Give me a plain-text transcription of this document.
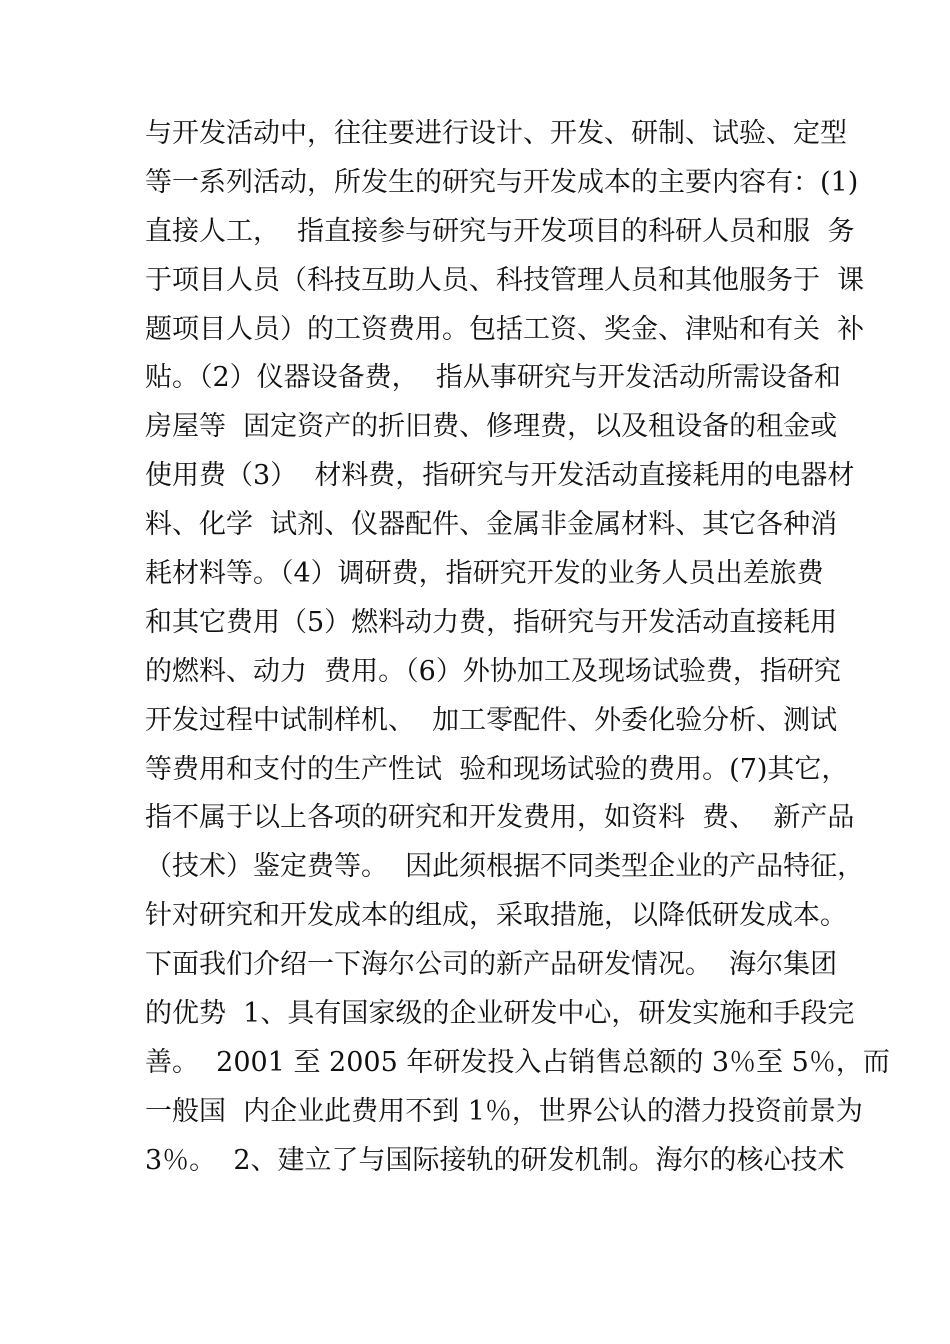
与开发活动中，往往要进行设计、开发、研制、试验、定型
等一系列活动，所发生的研究与开发成本的主要内容有：(1)
直接人工，  指直接参与研究与开发项目的科研人员和服  务
于项目人员（科技互助人员、科技管理人员和其他服务于  课
题项目人员）的工资费用。包括工资、奖金、津贴和有关  补
贴。（2）仪器设备费，  指从事研究与开发活动所需设备和
房屋等  固定资产的折旧费、修理费，以及租设备的租金或
使用费（3）  材料费，指研究与开发活动直接耗用的电器材
料、化学  试剂、仪器配件、金属非金属材料、其它各种消
耗材料等。（4）调研费，指研究开发的业务人员出差旅费
和其它费用（5）燃料动力费，指研究与开发活动直接耗用
的燃料、动力  费用。（6）外协加工及现场试验费，指研究
开发过程中试制样机、  加工零配件、外委化验分析、测试
等费用和支付的生产性试  验和现场试验的费用。(7)其它，
指不属于以上各项的研究和开发费用，如资料  费、  新产品
（技术）鉴定费等。  因此须根据不同类型企业的产品特征，
针对研究和开发成本的组成，采取措施，以降低研发成本。
下面我们介绍一下海尔公司的新产品研发情况。  海尔集团
的优势  1、具有国家级的企业研发中心，研发实施和手段完
善。  2001 至 2005 年研发投入占销售总额的 3％至 5％，而
一般国  内企业此费用不到 1％，世界公认的潜力投资前景为
3％。  2、建立了与国际接轨的研发机制。海尔的核心技术
